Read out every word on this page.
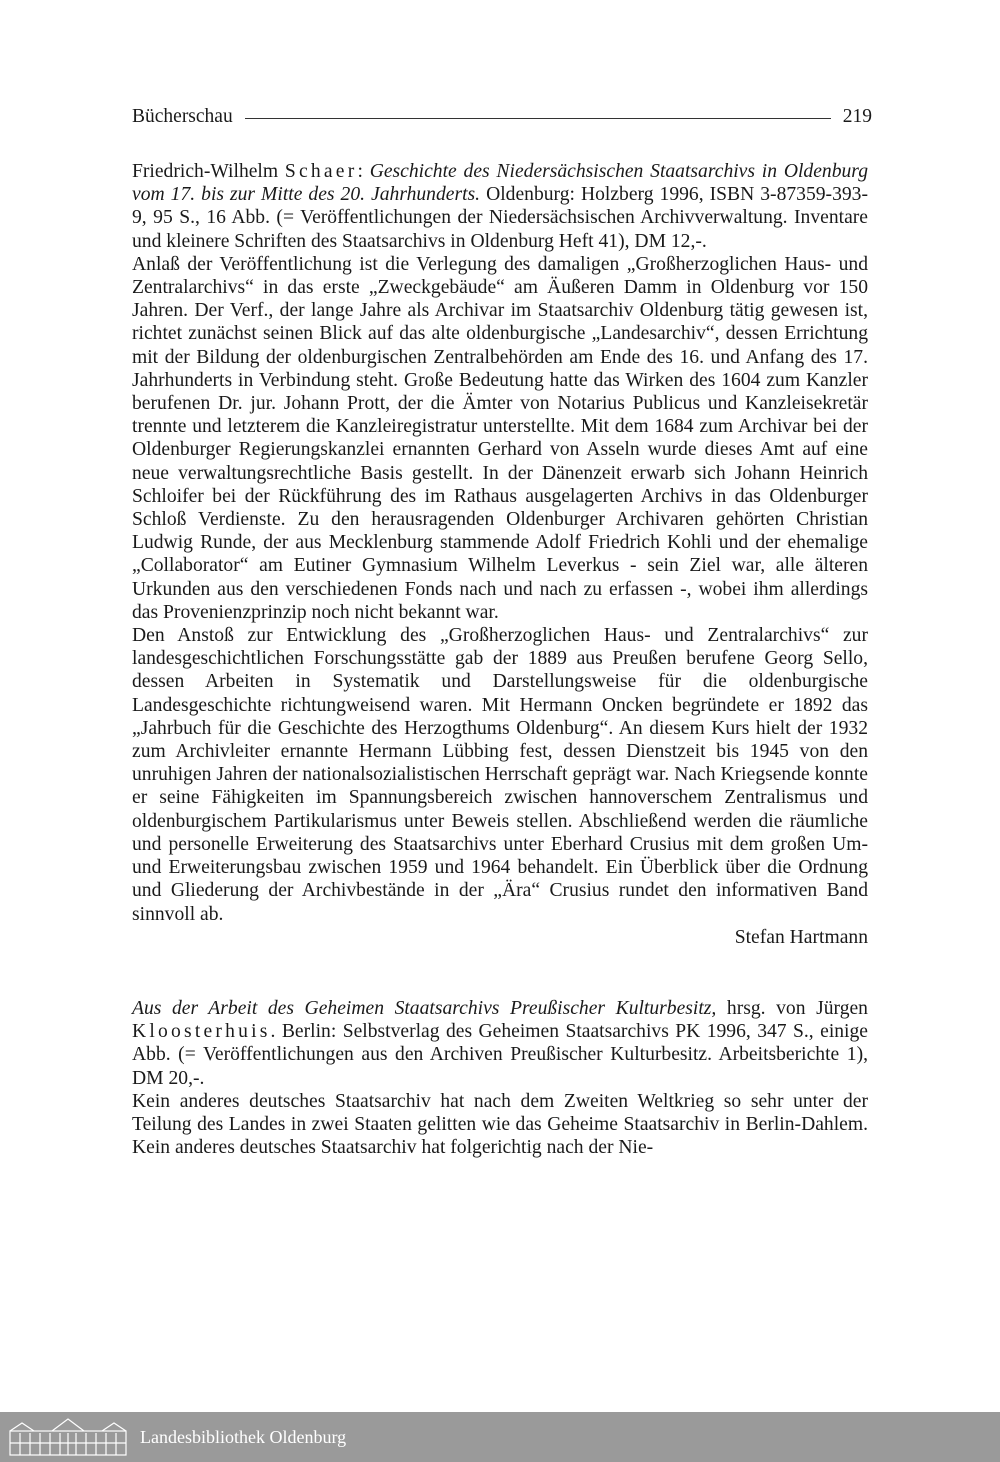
Bücherschau	219

Friedrich-Wilhelm Schaer: Geschichte des Niedersächsischen Staatsarchivs in Oldenburg vom 17. bis zur Mitte des 20. Jahrhunderts. Oldenburg: Holzberg 1996, ISBN 3-87359-393-9, 95 S., 16 Abb. (= Veröffentlichungen der Niedersächsischen Archivverwaltung. Inventare und kleinere Schriften des Staatsarchivs in Oldenburg Heft 41), DM 12,-.

Anlaß der Veröffentlichung ist die Verlegung des damaligen „Großherzoglichen Haus- und Zentralarchivs“ in das erste „Zweckgebäude“ am Äußeren Damm in Oldenburg vor 150 Jahren. Der Verf., der lange Jahre als Archivar im Staatsarchiv Oldenburg tätig gewesen ist, richtet zunächst seinen Blick auf das alte oldenburgische „Landesarchiv“, dessen Errichtung mit der Bildung der oldenburgischen Zentralbehörden am Ende des 16. und Anfang des 17. Jahrhunderts in Verbindung steht. Große Bedeutung hatte das Wirken des 1604 zum Kanzler berufenen Dr. jur. Johann Prott, der die Ämter von Notarius Publicus und Kanzleisekretär trennte und letzterem die Kanzleiregistratur unterstellte. Mit dem 1684 zum Archivar bei der Oldenburger Regierungskanzlei ernannten Gerhard von Asseln wurde dieses Amt auf eine neue verwaltungsrechtliche Basis gestellt. In der Dänenzeit erwarb sich Johann Heinrich Schloifer bei der Rückführung des im Rathaus ausgelagerten Archivs in das Oldenburger Schloß Verdienste. Zu den herausragenden Oldenburger Archivaren gehörten Christian Ludwig Runde, der aus Mecklenburg stammende Adolf Friedrich Kohli und der ehemalige „Collaborator“ am Eutiner Gymnasium Wilhelm Leverkus - sein Ziel war, alle älteren Urkunden aus den verschiedenen Fonds nach und nach zu erfassen -, wobei ihm allerdings das Provenienzprinzip noch nicht bekannt war.

Den Anstoß zur Entwicklung des „Großherzoglichen Haus- und Zentralarchivs“ zur landesgeschichtlichen Forschungsstätte gab der 1889 aus Preußen berufene Georg Sello, dessen Arbeiten in Systematik und Darstellungsweise für die oldenburgische Landesgeschichte richtungweisend waren. Mit Hermann Oncken begründete er 1892 das „Jahrbuch für die Geschichte des Herzogthums Oldenburg“. An diesem Kurs hielt der 1932 zum Archivleiter ernannte Hermann Lübbing fest, dessen Dienstzeit bis 1945 von den unruhigen Jahren der nationalsozialistischen Herrschaft geprägt war. Nach Kriegsende konnte er seine Fähigkeiten im Spannungsbereich zwischen hannoverschem Zentralismus und oldenburgischem Partikularismus unter Beweis stellen. Abschließend werden die räumliche und personelle Erweiterung des Staatsarchivs unter Eberhard Crusius mit dem großen Um- und Erweiterungsbau zwischen 1959 und 1964 behandelt. Ein Überblick über die Ordnung und Gliederung der Archivbestände in der „Ära“ Crusius rundet den informativen Band sinnvoll ab.

Stefan Hartmann

Aus der Arbeit des Geheimen Staatsarchivs Preußischer Kulturbesitz, hrsg. von Jürgen Kloosterhuis. Berlin: Selbstverlag des Geheimen Staatsarchivs PK 1996, 347 S., einige Abb. (= Veröffentlichungen aus den Archiven Preußischer Kulturbesitz. Arbeitsberichte 1), DM 20,-.

Kein anderes deutsches Staatsarchiv hat nach dem Zweiten Weltkrieg so sehr unter der Teilung des Landes in zwei Staaten gelitten wie das Geheime Staatsarchiv in Berlin-Dahlem. Kein anderes deutsches Staatsarchiv hat folgerichtig nach der Nie-

Landesbibliothek Oldenburg
